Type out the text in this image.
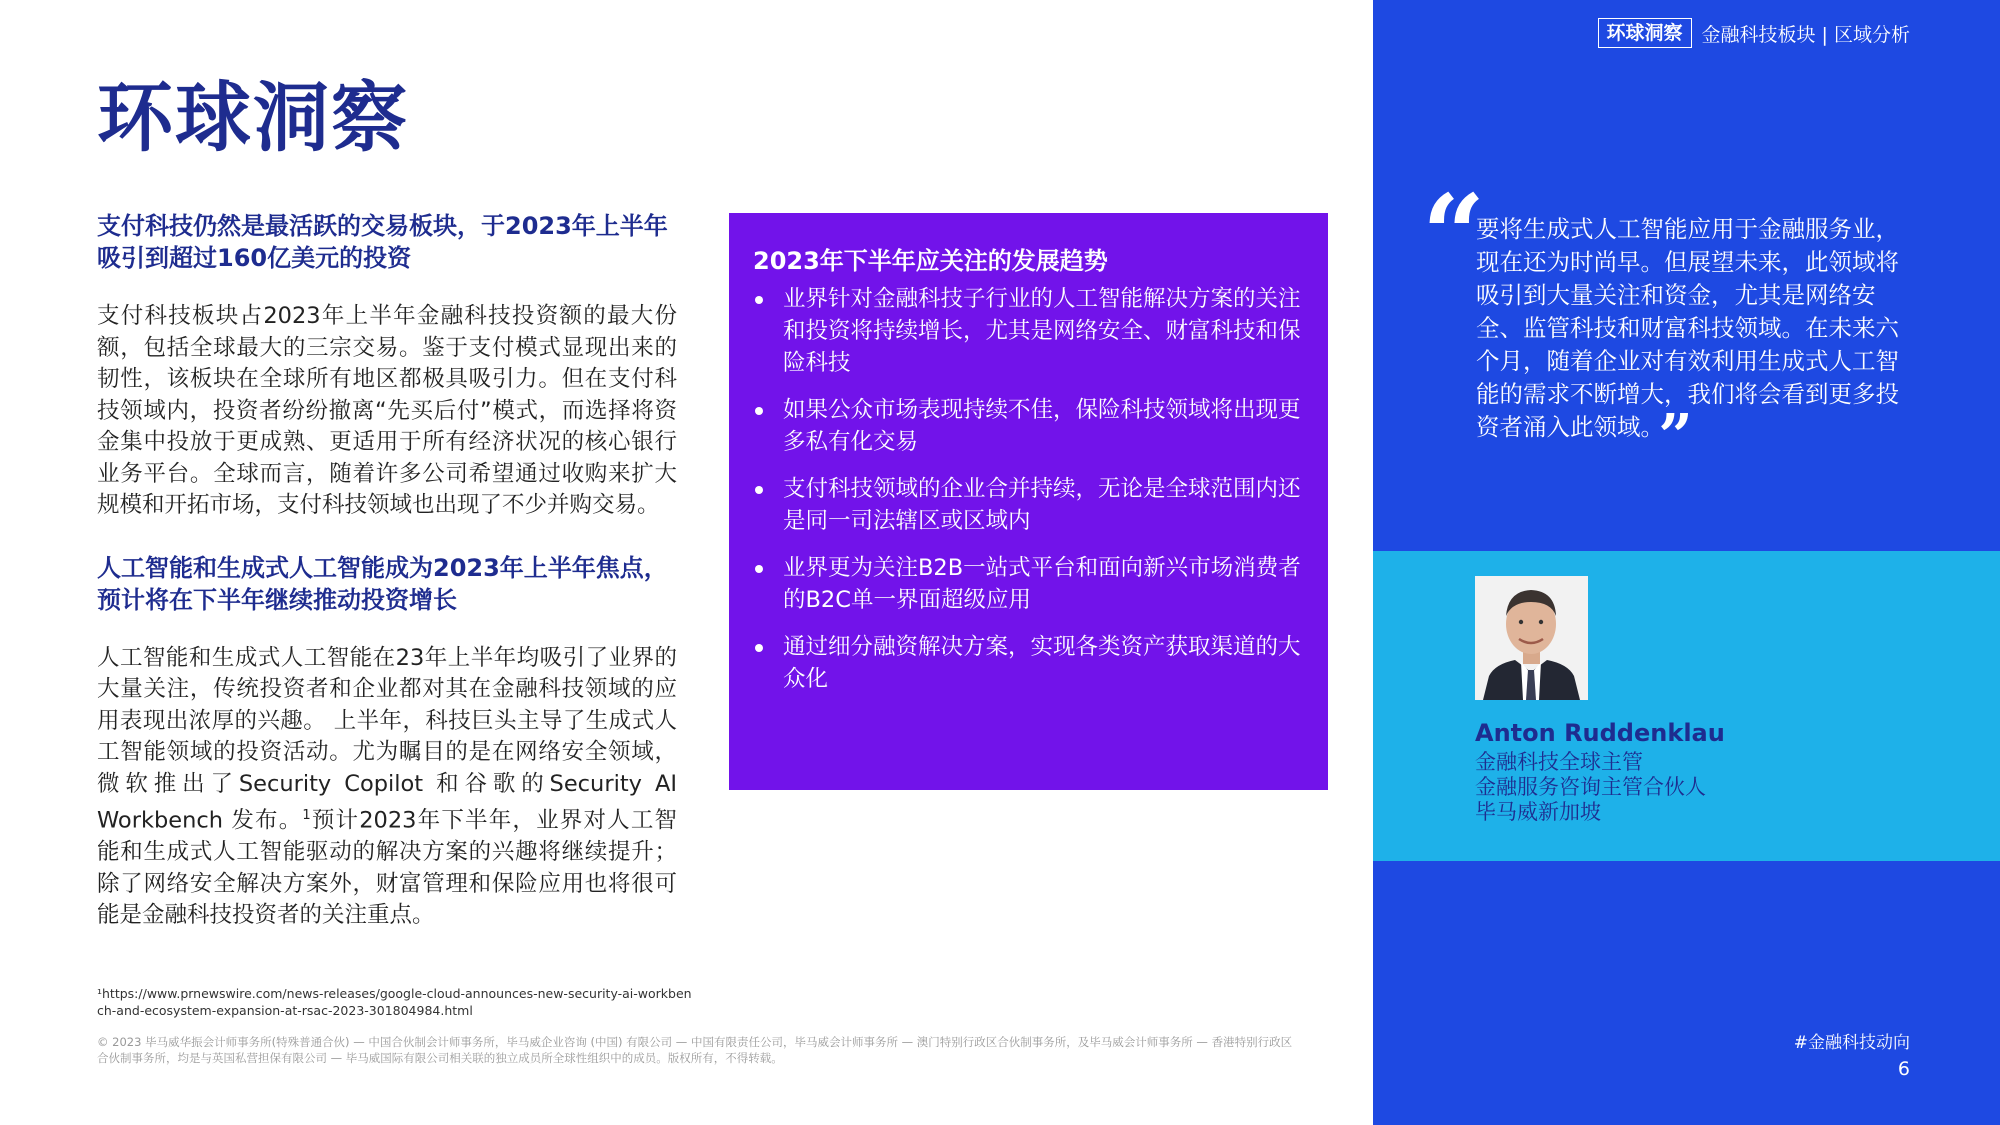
环球洞察

支付科技仍然是最活跃的交易板块，于2023年上半年吸引到超过160亿美元的投资

支付科技板块占2023年上半年金融科技投资额的最大份额，包括全球最大的三宗交易。鉴于支付模式显现出来的韧性，该板块在全球所有地区都极具吸引力。但在支付科技领域内，投资者纷纷撤离“先买后付”模式，而选择将资金集中投放于更成熟、更适用于所有经济状况的核心银行业务平台。全球而言，随着许多公司希望通过收购来扩大规模和开拓市场，支付科技领域也出现了不少并购交易。

人工智能和生成式人工智能成为2023年上半年焦点，预计将在下半年继续推动投资增长

人工智能和生成式人工智能在23年上半年均吸引了业界的大量关注，传统投资者和企业都对其在金融科技领域的应用表现出浓厚的兴趣。 上半年，科技巨头主导了生成式人工智能领域的投资活动。尤为瞩目的是在网络安全领域，微软推出了Security Copilot 和谷歌的Security AI Workbench 发布。$^1$预计2023年下半年，业界对人工智能和生成式人工智能驱动的解决方案的兴趣将继续提升；除了网络安全解决方案外，财富管理和保险应用也将很可能是金融科技投资者的关注重点。

¹https://www.prnewswire.com/news-releases/google-cloud-announces-new-security-ai-workbench-and-ecosystem-expansion-at-rsac-2023-301804984.html
© 2023 毕马威华振会计师事务所(特殊普通合伙) — 中国合伙制会计师事务所，毕马威企业咨询 (中国) 有限公司 — 中国有限责任公司，毕马威会计师事务所 — 澳门特别行政区合伙制事务所，及毕马威会计师事务所 — 香港特别行政区合伙制事务所，均是与英国私营担保有限公司 — 毕马威国际有限公司相关联的独立成员所全球性组织中的成员。版权所有，不得转载。
2023年下半年应关注的发展趋势
业界针对金融科技子行业的人工智能解决方案的关注和投资将持续增长，尤其是网络安全、财富科技和保险科技
如果公众市场表现持续不佳，保险科技领域将出现更多私有化交易
支付科技领域的企业合并持续，无论是全球范围内还是同一司法辖区或区域内
业界更为关注B2B一站式平台和面向新兴市场消费者的B2C单一界面超级应用
通过细分融资解决方案，实现各类资产获取渠道的大众化
环球洞察	金融科技板块 | 区域分析
“
要将生成式人工智能应用于金融服务业，现在还为时尚早。但展望未来，此领域将吸引到大量关注和资金，尤其是网络安全、监管科技和财富科技领域。在未来六个月，随着企业对有效利用生成式人工智能的需求不断增大，我们将会看到更多投资者涌入此领域。 ”
Anton Ruddenklau
金融科技全球主管
金融服务咨询主管合伙人
毕马威新加坡
#金融科技动向
6
